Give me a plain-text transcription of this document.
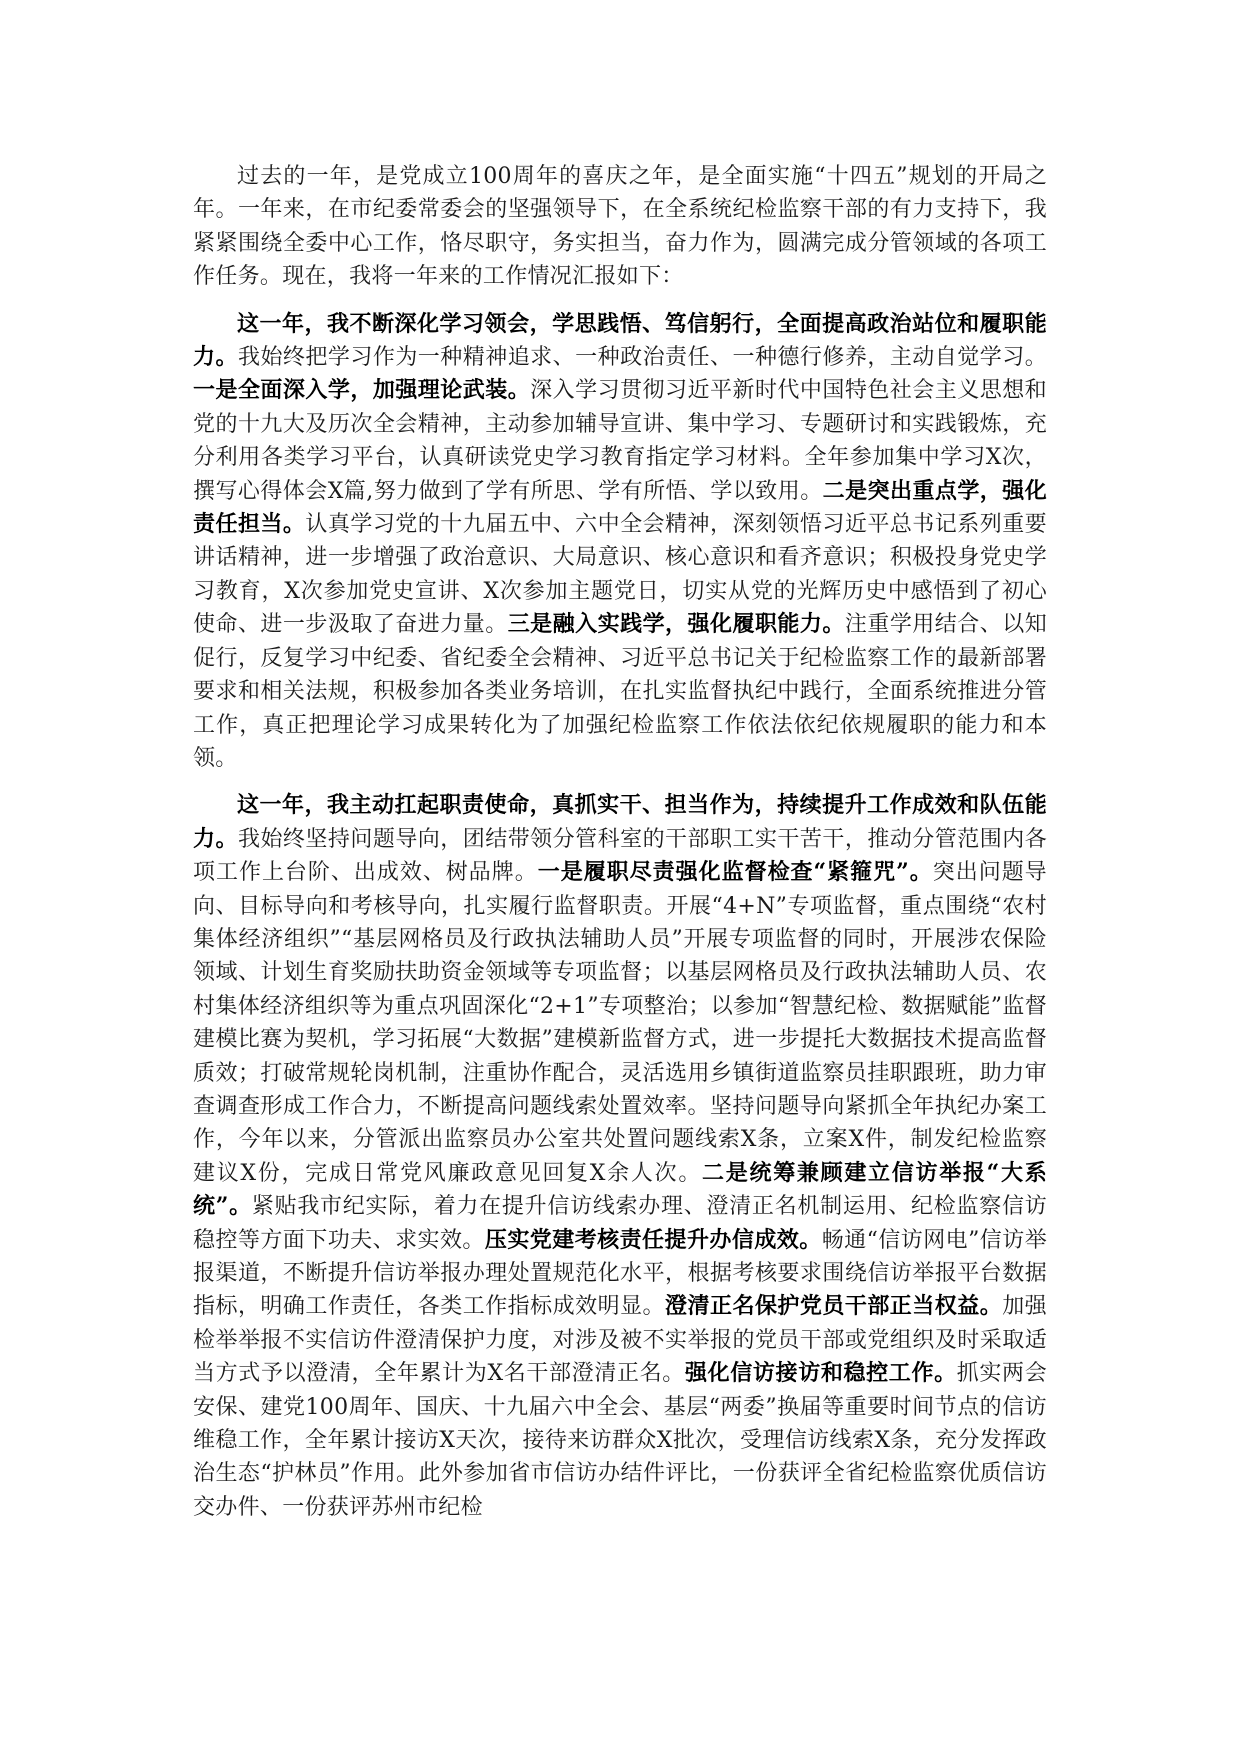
过去的一年，是党成立100周年的喜庆之年，是全面实施“十四五”规划的开局之年。一年来，在市纪委常委会的坚强领导下，在全系统纪检监察干部的有力支持下，我紧紧围绕全委中心工作，恪尽职守，务实担当，奋力作为，圆满完成分管领域的各项工作任务。现在，我将一年来的工作情况汇报如下：

这一年，我不断深化学习领会，学思践悟、笃信躬行，全面提高政治站位和履职能力。我始终把学习作为一种精神追求、一种政治责任、一种德行修养，主动自觉学习。一是全面深入学，加强理论武装。深入学习贯彻习近平新时代中国特色社会主义思想和党的十九大及历次全会精神，主动参加辅导宣讲、集中学习、专题研讨和实践锻炼，充分利用各类学习平台，认真研读党史学习教育指定学习材料。全年参加集中学习X次，撰写心得体会X篇,努力做到了学有所思、学有所悟、学以致用。二是突出重点学，强化责任担当。认真学习党的十九届五中、六中全会精神，深刻领悟习近平总书记系列重要讲话精神，进一步增强了政治意识、大局意识、核心意识和看齐意识；积极投身党史学习教育，X次参加党史宣讲、X次参加主题党日，切实从党的光辉历史中感悟到了初心使命、进一步汲取了奋进力量。三是融入实践学，强化履职能力。注重学用结合、以知促行，反复学习中纪委、省纪委全会精神、习近平总书记关于纪检监察工作的最新部署要求和相关法规，积极参加各类业务培训，在扎实监督执纪中践行，全面系统推进分管工作，真正把理论学习成果转化为了加强纪检监察工作依法依纪依规履职的能力和本领。

这一年，我主动扛起职责使命，真抓实干、担当作为，持续提升工作成效和队伍能力。我始终坚持问题导向，团结带领分管科室的干部职工实干苦干，推动分管范围内各项工作上台阶、出成效、树品牌。一是履职尽责强化监督检查“紧箍咒”。突出问题导向、目标导向和考核导向，扎实履行监督职责。开展“4+N”专项监督，重点围绕“农村集体经济组织”“基层网格员及行政执法辅助人员”开展专项监督的同时，开展涉农保险领域、计划生育奖励扶助资金领域等专项监督；以基层网格员及行政执法辅助人员、农村集体经济组织等为重点巩固深化“2+1”专项整治；以参加“智慧纪检、数据赋能”监督建模比赛为契机，学习拓展“大数据”建模新监督方式，进一步提托大数据技术提高监督质效；打破常规轮岗机制，注重协作配合，灵活选用乡镇街道监察员挂职跟班，助力审查调查形成工作合力，不断提高问题线索处置效率。坚持问题导向紧抓全年执纪办案工作，今年以来，分管派出监察员办公室共处置问题线索X条，立案X件，制发纪检监察建议X份，完成日常党风廉政意见回复X余人次。二是统筹兼顾建立信访举报“大系统”。紧贴我市纪实际，着力在提升信访线索办理、澄清正名机制运用、纪检监察信访稳控等方面下功夫、求实效。压实党建考核责任提升办信成效。畅通“信访网电”信访举报渠道，不断提升信访举报办理处置规范化水平，根据考核要求围绕信访举报平台数据指标，明确工作责任，各类工作指标成效明显。澄清正名保护党员干部正当权益。加强检举举报不实信访件澄清保护力度，对涉及被不实举报的党员干部或党组织及时采取适当方式予以澄清，全年累计为X名干部澄清正名。强化信访接访和稳控工作。抓实两会安保、建党100周年、国庆、十九届六中全会、基层“两委”换届等重要时间节点的信访维稳工作，全年累计接访X天次，接待来访群众X批次，受理信访线索X条，充分发挥政治生态“护林员”作用。此外参加省市信访办结件评比，一份获评全省纪检监察优质信访交办件、一份获评苏州市纪检
